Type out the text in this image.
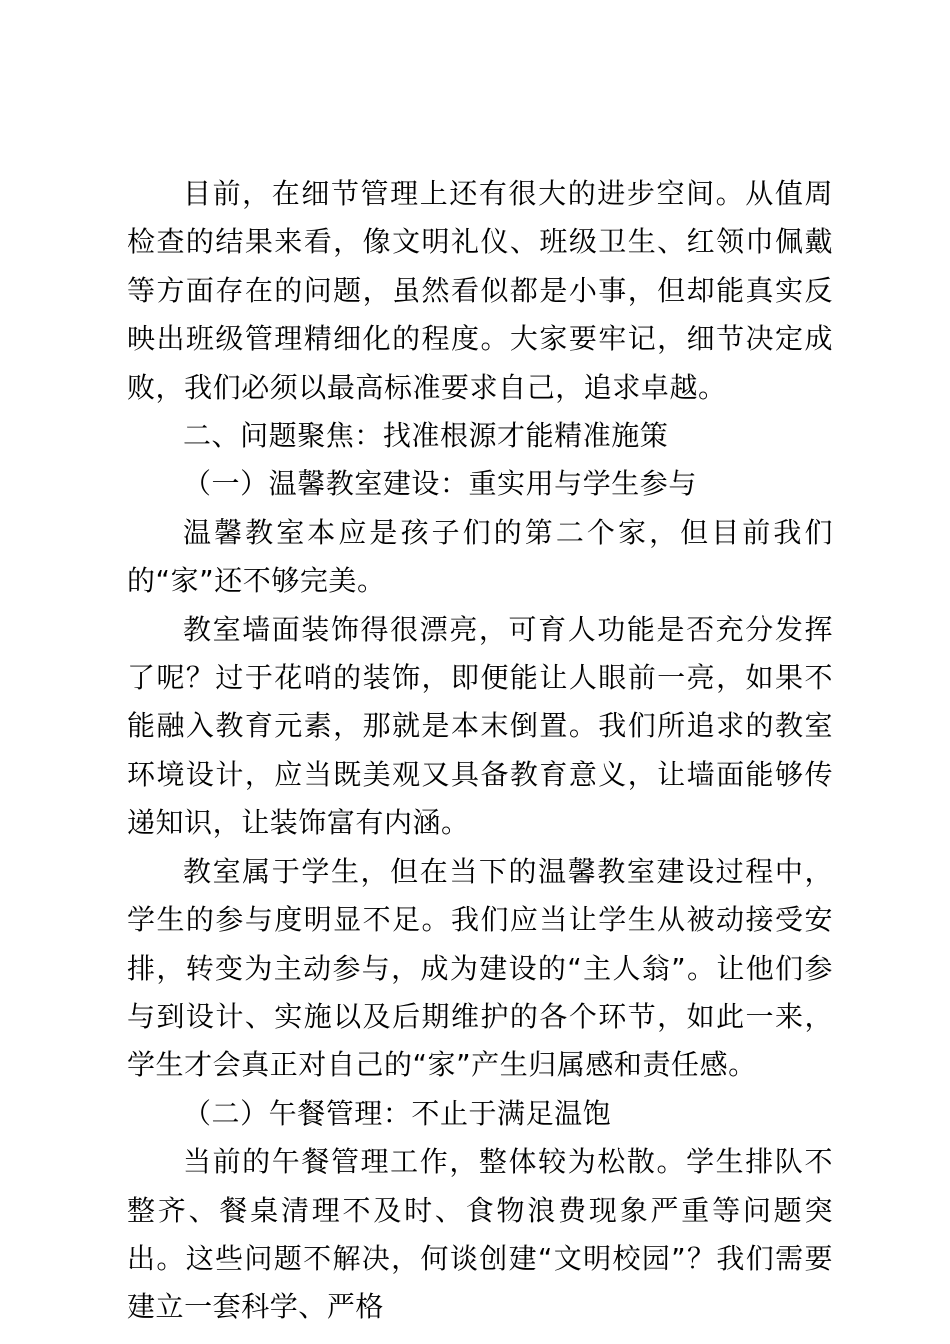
目前，在细节管理上还有很大的进步空间。从值周检查的结果来看，像文明礼仪、班级卫生、红领巾佩戴等方面存在的问题，虽然看似都是小事，但却能真实反映出班级管理精细化的程度。大家要牢记，细节决定成败，我们必须以最高标准要求自己，追求卓越。

二、问题聚焦：找准根源才能精准施策

（一）温馨教室建设：重实用与学生参与

温馨教室本应是孩子们的第二个家，但目前我们的“家”还不够完美。

教室墙面装饰得很漂亮，可育人功能是否充分发挥了呢？过于花哨的装饰，即便能让人眼前一亮，如果不能融入教育元素，那就是本末倒置。我们所追求的教室环境设计，应当既美观又具备教育意义，让墙面能够传递知识，让装饰富有内涵。

教室属于学生，但在当下的温馨教室建设过程中，学生的参与度明显不足。我们应当让学生从被动接受安排，转变为主动参与，成为建设的“主人翁”。让他们参与到设计、实施以及后期维护的各个环节，如此一来，学生才会真正对自己的“家”产生归属感和责任感。

（二）午餐管理：不止于满足温饱

当前的午餐管理工作，整体较为松散。学生排队不整齐、餐桌清理不及时、食物浪费现象严重等问题突出。这些问题不解决，何谈创建“文明校园”？我们需要建立一套科学、严格
